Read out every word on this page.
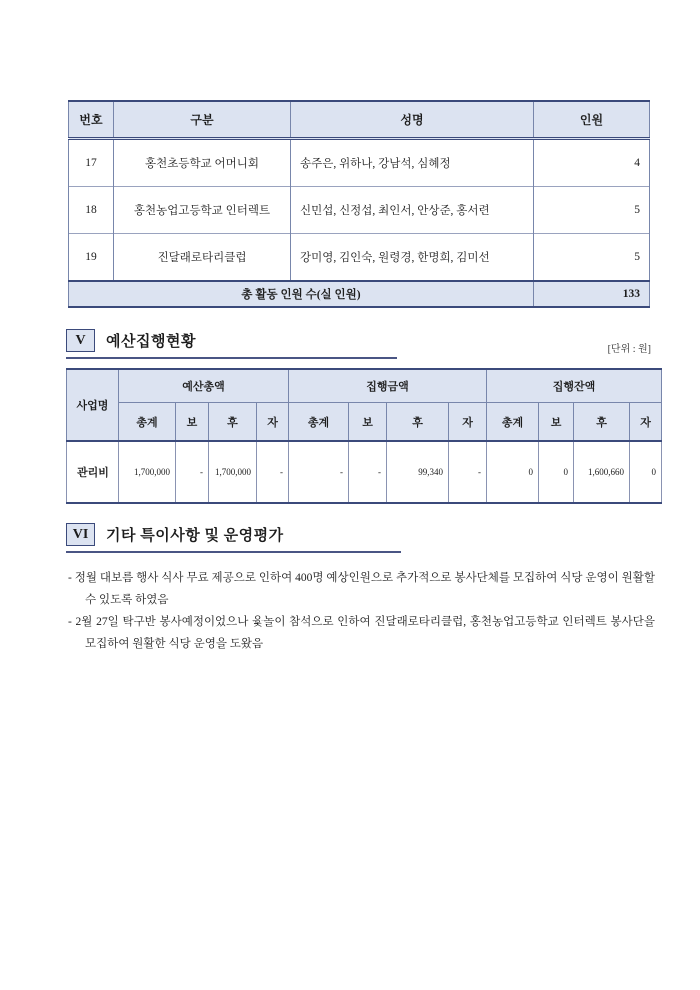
번호	구분	성명	인원
17	홍천초등학교 어머니회	송주은, 위하나, 강남석, 심혜정	4
18	홍천농업고등학교 인터렉트	신민섭, 신정섭, 최인서, 안상준, 홍서련	5
19	진달래로타리클럽	강미영, 김인숙, 원령경, 한명희, 김미선	5
총 활동 인원 수(실 인원)			133
V 예산집행현황	[단위 : 원]
사업명	예산총액				집행금액				집행잔액			
	총계	보	후	자	총계	보	후	자	총계	보	후	자
관리비	1,700,000	-	1,700,000	-	-	-	99,340	-	0	0	1,600,660	0
VI 기타 특이사항 및 운영평가

- 정월 대보름 행사 식사 무료 제공으로 인하여 400명 예상인원으로 추가적으로 봉사단체를 모집하여 식당 운영이 원활할 수 있도록 하였음

- 2월 27일 탁구반 봉사예정이었으나 윷놀이 참석으로 인하여 진달래로타리클럽, 홍천농업고등학교 인터렉트 봉사단을 모집하여 원활한 식당 운영을 도왔음
